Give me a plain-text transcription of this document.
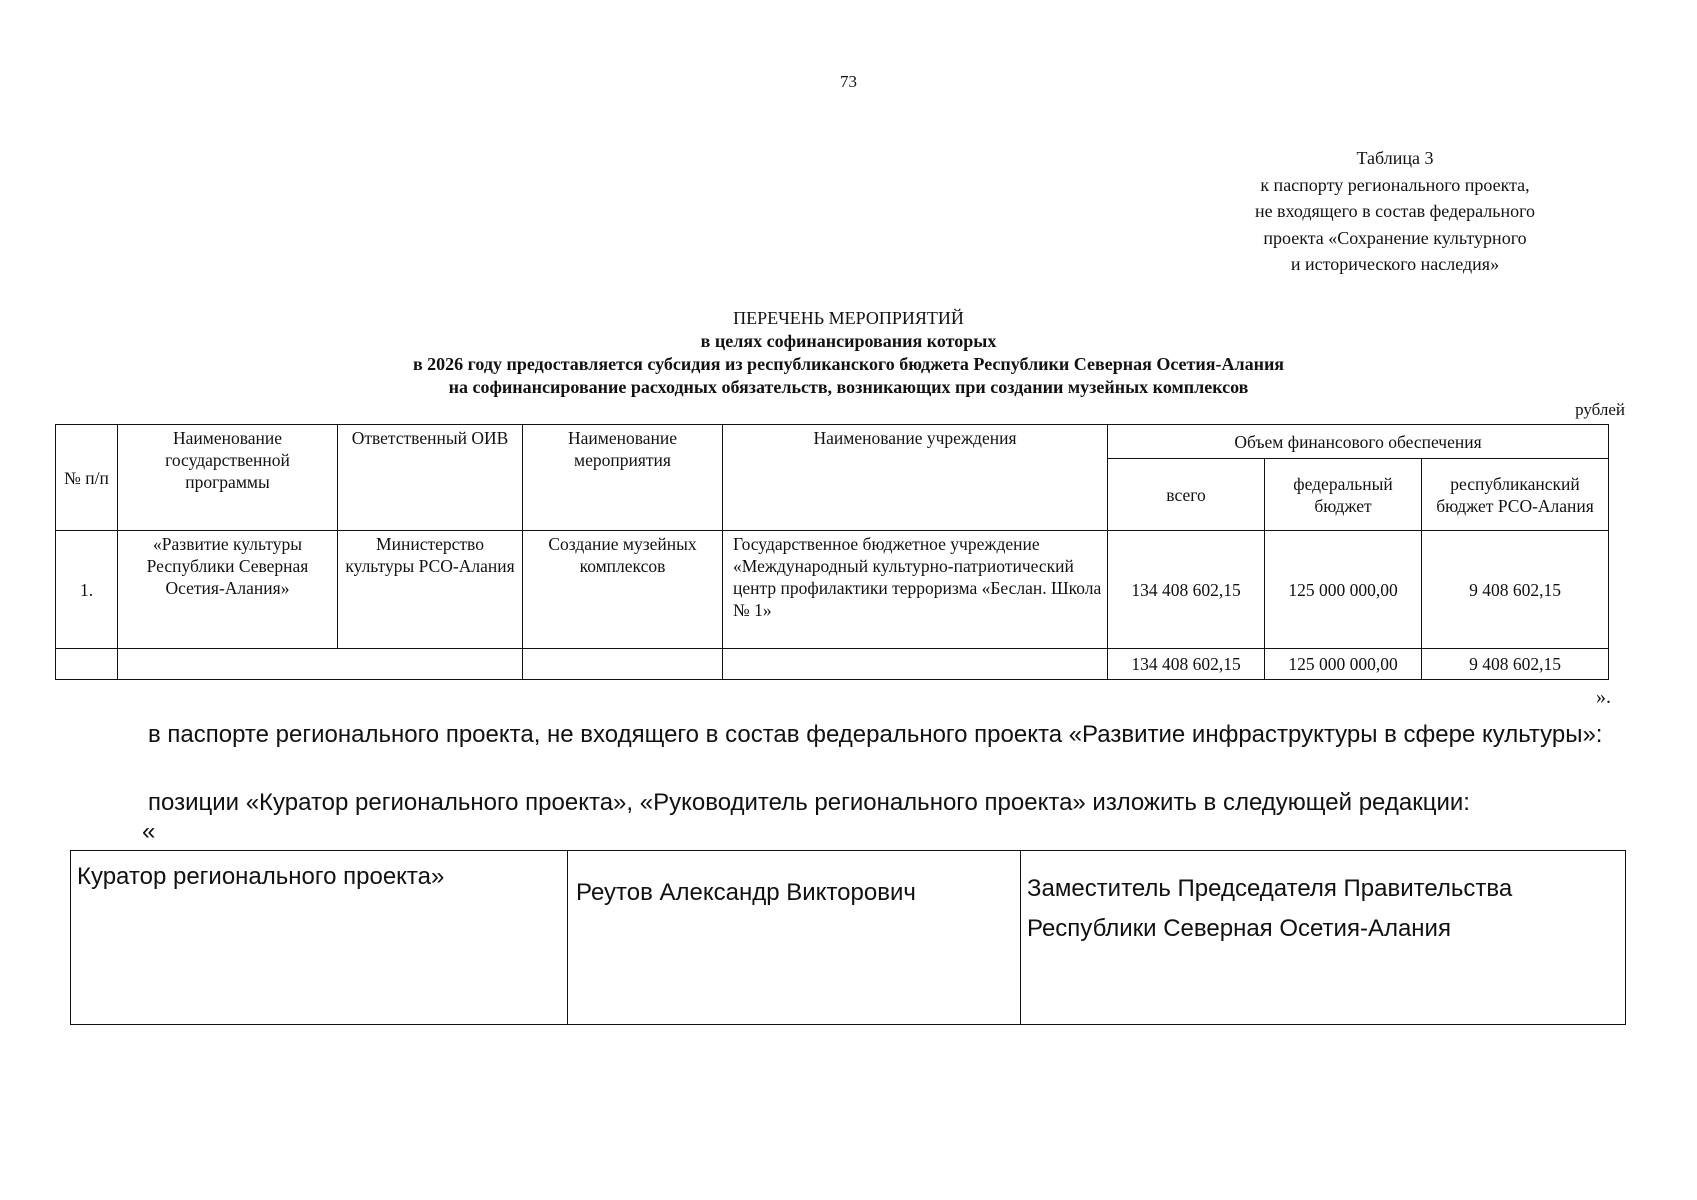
73
Таблица 3
к паспорту регионального проекта,
не входящего в состав федерального
проекта «Сохранение культурного
и исторического наследия»
ПЕРЕЧЕНЬ МЕРОПРИЯТИЙ
в целях софинансирования которых
в 2026 году предоставляется субсидия из республиканского бюджета Республики Северная Осетия-Алания
на софинансирование расходных обязательств, возникающих при создании музейных комплексов
рублей
№ п/п	Наименование государственной программы	Ответственный ОИВ	Наименование мероприятия	Наименование учреждения	Объем финансового обеспечения		
					всего	федеральный бюджет	республиканский бюджет РСО-Алания
1.	«Развитие культуры Республики Северная Осетия-Алания»	Министерство культуры РСО-Алания	Создание музейных комплексов	Государственное бюджетное учреждение «Международный культурно-патриотический центр профилактики терроризма «Беслан. Школа № 1»	134 408 602,15	125 000 000,00	9 408 602,15
					134 408 602,15	125 000 000,00	9 408 602,15
».
в паспорте регионального проекта, не входящего в состав федерального проекта «Развитие инфраструктуры в сфере культуры»:
позиции «Куратор регионального проекта», «Руководитель регионального проекта» изложить в следующей редакции:
«
Куратор регионального проекта»	Реутов Александр Викторович	Заместитель Председателя Правительства Республики Северная Осетия-Алания
